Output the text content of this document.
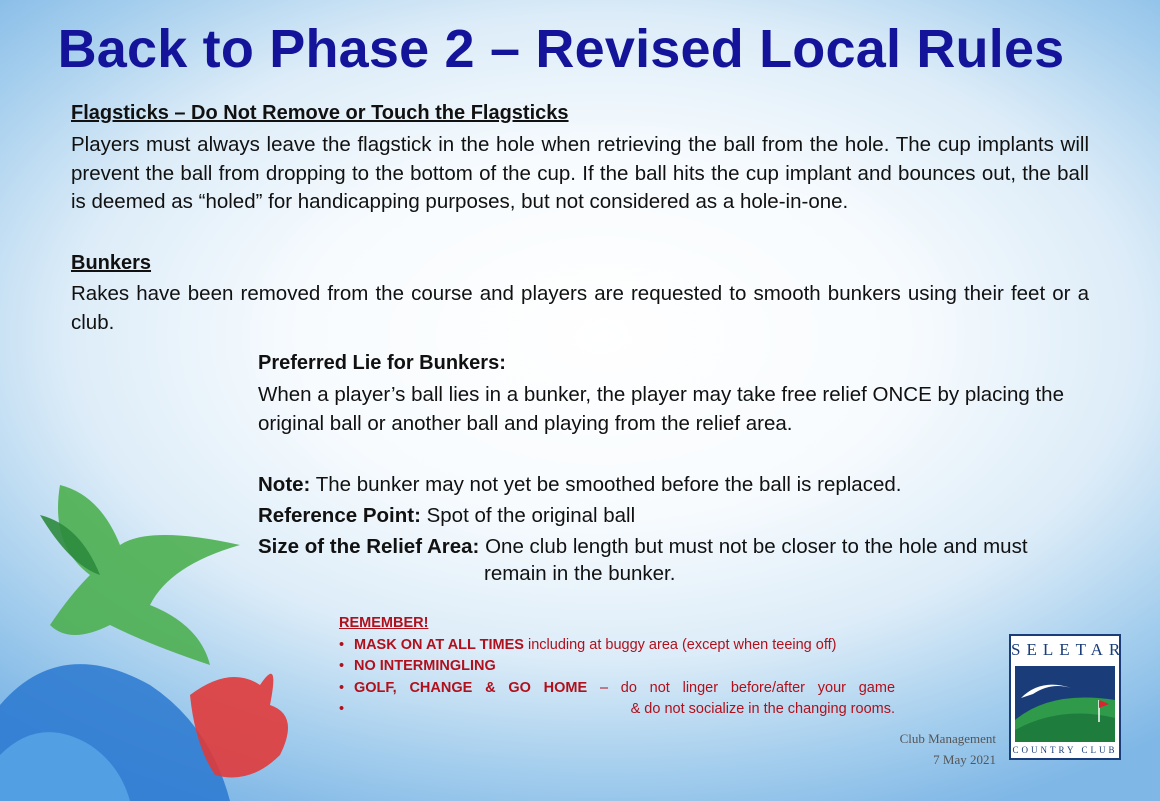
Back to Phase 2 – Revised Local Rules
Flagsticks – Do Not Remove or Touch the Flagsticks
Players must always leave the flagstick in the hole when retrieving the ball from the hole. The cup implants will prevent the ball from dropping to the bottom of the cup. If the ball hits the cup implant and bounces out, the ball is deemed as “holed” for handicapping purposes, but not considered as a hole-in-one.
Bunkers
Rakes have been removed from the course and players are requested to smooth bunkers using their feet or a club.
Preferred Lie for Bunkers:
When a player’s ball lies in a bunker, the player may take free relief ONCE by placing the original ball or another ball and playing from the relief area.
Note: The bunker may not yet be smoothed before the ball is replaced.
Reference Point: Spot of the original ball
Size of the Relief Area: One club length but must not be closer to the hole and must
remain in the bunker.
REMEMBER!
• MASK ON AT ALL TIMES including at buggy area (except when teeing off)
• NO INTERMINGLING
• GOLF, CHANGE & GO HOME – do not linger before/after your game
• & do not socialize in the changing rooms.
Club Management
7 May 2021
SELETAR
COUNTRY CLUB
